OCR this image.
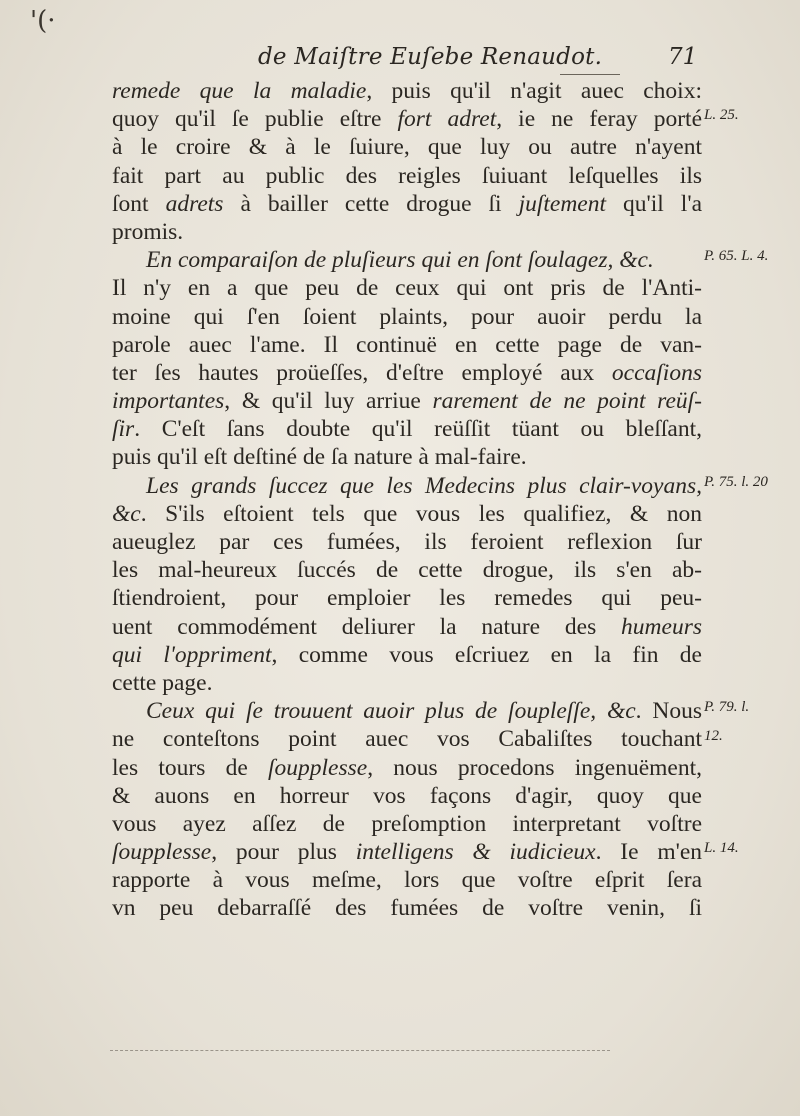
'(·
de Maiſtre Euſebe Renaudot.	71
remede que la maladie, puis qu'il n'agit auec choix:
quoy qu'il ſe publie eſtre fort adret, ie ne feray porté
à le croire & à le ſuiure, que luy ou autre n'ayent
fait part au public des reigles ſuiuant leſquelles ils
ſont adrets à bailler cette drogue ſi juſtement qu'il l'a
promis.
En comparaiſon de pluſieurs qui en ſont ſoulagez, &c.
Il n'y en a que peu de ceux qui ont pris de l'Anti-
moine qui ſ'en ſoient plaints, pour auoir perdu la
parole auec l'ame. Il continuë en cette page de van-
ter ſes hautes proüeſſes, d'eſtre employé aux occaſions
importantes, & qu'il luy arriue rarement de ne point reüſ-
ſir. C'eſt ſans doubte qu'il reüſſit tüant ou bleſſant,
puis qu'il eſt deſtiné de ſa nature à mal-faire.
Les grands ſuccez que les Medecins plus clair-voyans,
&c. S'ils eſtoient tels que vous les qualifiez, & non
aueuglez par ces fumées, ils feroient reflexion ſur
les mal-heureux ſuccés de cette drogue, ils s'en ab-
ſtiendroient, pour emploier les remedes qui peu-
uent commodément deliurer la nature des humeurs
qui l'oppriment, comme vous eſcriuez en la fin de
cette page.
Ceux qui ſe trouuent auoir plus de ſoupleſſe, &c. Nous
ne conteſtons point auec vos Cabaliſtes touchant
les tours de ſoupplesse, nous procedons ingenuëment,
& auons en horreur vos façons d'agir, quoy que
vous ayez aſſez de preſomption interpretant voſtre
ſoupplesse, pour plus intelligens & iudicieux. Ie m'en
rapporte à vous meſme, lors que voſtre eſprit ſera
vn peu debarraſſé des fumées de voſtre venin, ſi
L. 25.
P. 65. L. 4.
P. 75. l. 20
P. 79. l.
12.
L. 14.
